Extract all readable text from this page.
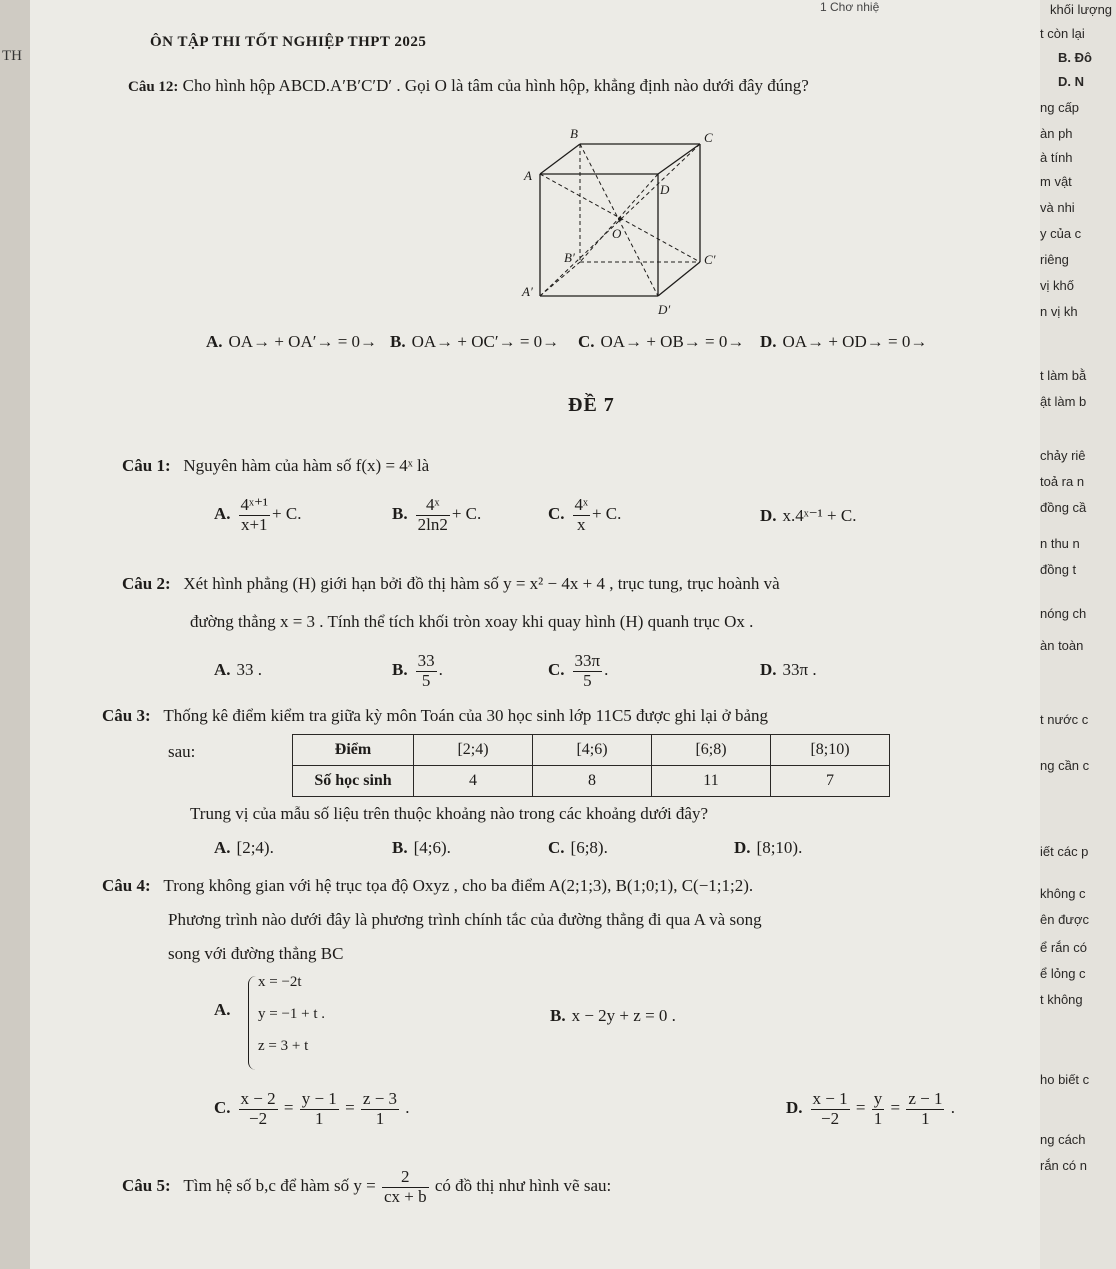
TH
1 Chơ nhiệ
ÔN TẬP THI TỐT NGHIỆP THPT 2025
Câu 12: Cho hình hộp ABCD.A′B′C′D′ . Gọi O là tâm của hình hộp, khẳng định nào dưới đây đúng?
B	C
A
D
O
B′	C′
A′
D′
A. OA→ + OA′→ = 0→ B. OA→ + OC′→ = 0→ C. OA→ + OB→ = 0→ D. OA→ + OD→ = 0→
ĐỀ 7
Câu 1: Nguyên hàm của hàm số f(x) = 4ˣ là
A. $\frac{\text{4ˣ⁺¹}}{x+1} + C$.	B. $\frac{\text{4ˣ}}{2\ln 2} + C$.	C. $\frac{\text{4ˣ}}{x} + C$.	D. x.4ˣ⁻¹ + C.
Câu 2: Xét hình phẳng (H) giới hạn bởi đồ thị hàm số y = x² − 4x + 4 , trục tung, trục hoành và
đường thẳng x = 3 . Tính thể tích khối tròn xoay khi quay hình (H) quanh trục Ox .
A. 33 .	B. $\frac{33}{5}$ .	C. $\frac{33\pi}{5}$ .	D. 33π .
Câu 3: Thống kê điểm kiểm tra giữa kỳ môn Toán của 30 học sinh lớp 11C5 được ghi lại ở bảng
sau:	Điểm	[2;4)	[4;6)	[6;8)	[8;10)
Số học sinh	4	8	11	7
Trung vị của mẫu số liệu trên thuộc khoảng nào trong các khoảng dưới đây?
A. [2;4).	B. [4;6).	C. [6;8).	D. [8;10).
Câu 4: Trong không gian với hệ trục tọa độ Oxyz , cho ba điểm A(2;1;3), B(1;0;1), C(−1;1;2).
Phương trình nào dưới đây là phương trình chính tắc của đường thẳng đi qua A và song
song với đường thẳng BC
A.
x = −2t
y = −1 + t .
z = 3 + t
B. x − 2y + z = 0 .
C. $\frac{x - 2}{-2} = \frac{y - 1}{1} = \frac{z - 3}{1}$ .	D. $\frac{x - 1}{-2} = \frac{y}{1} = \frac{z - 1}{1}$ .
Câu 5: Tìm hệ số b,c để hàm số $y = \frac{2}{cx + b}$ có đồ thị như hình vẽ sau:
khối lượng
t còn lại
B. Đô
D. N
ng cấp
àn ph
à tính
m vật
và nhi
y của c
riêng
vị khố
n vị kh
t làm bằ
ật làm b
chảy riê
toả ra n
đồng cầ
n thu n
đồng t
nóng ch
àn toàn
t nước c
ng cần c
iết các p
không c
ên được
ể rắn có
ể lỏng c
t không
ho biết c
ng cách
rắn có n
